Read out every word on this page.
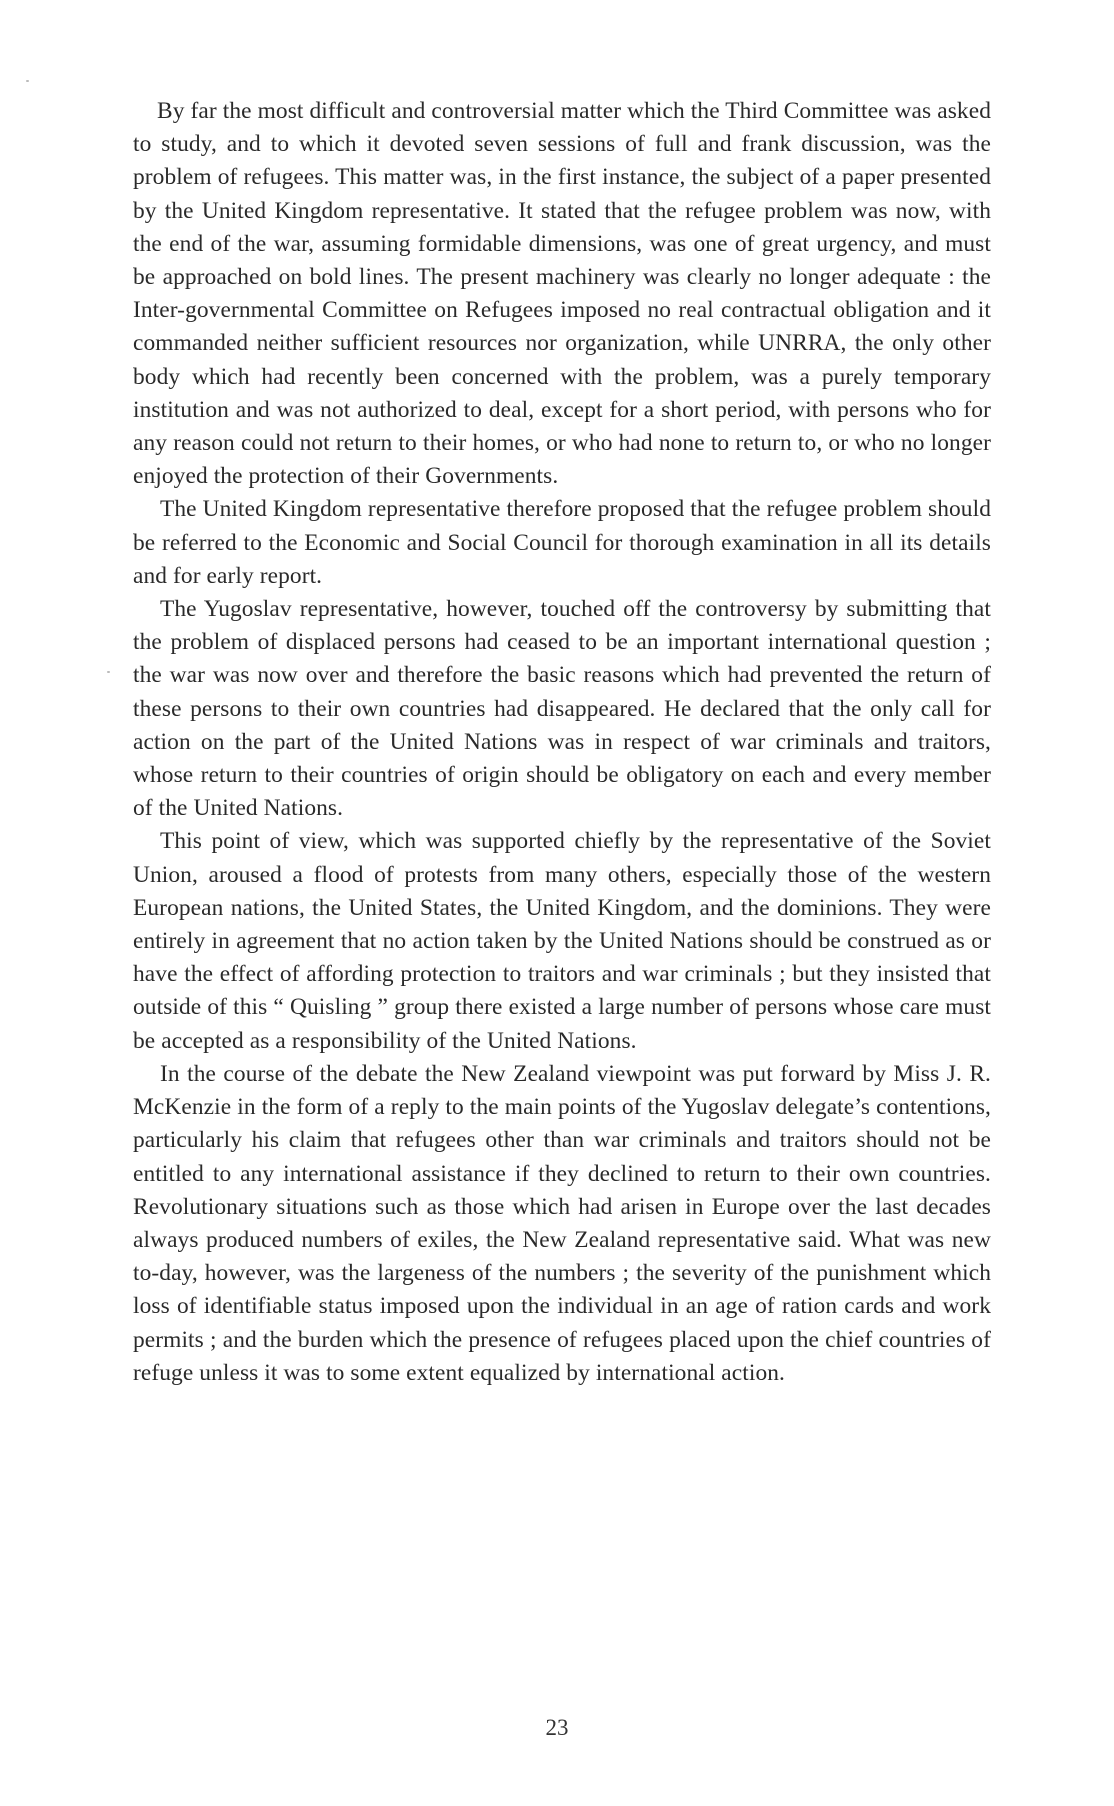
By far the most difficult and controversial matter which the Third Committee was asked to study, and to which it devoted seven sessions of full and frank discussion, was the problem of refugees. This matter was, in the first instance, the subject of a paper presented by the United Kingdom representative. It stated that the refugee problem was now, with the end of the war, assuming formidable dimensions, was one of great urgency, and must be approached on bold lines. The present machinery was clearly no longer adequate : the Inter-governmental Committee on Refugees imposed no real contractual obligation and it commanded neither sufficient resources nor organization, while UNRRA, the only other body which had recently been concerned with the problem, was a purely temporary institution and was not authorized to deal, except for a short period, with persons who for any reason could not return to their homes, or who had none to return to, or who no longer enjoyed the protection of their Governments.

The United Kingdom representative therefore proposed that the refugee problem should be referred to the Economic and Social Council for thorough examination in all its details and for early report.

The Yugoslav representative, however, touched off the controversy by submitting that the problem of displaced persons had ceased to be an important international question ; the war was now over and therefore the basic reasons which had prevented the return of these persons to their own countries had disappeared. He declared that the only call for action on the part of the United Nations was in respect of war criminals and traitors, whose return to their countries of origin should be obligatory on each and every member of the United Nations.

This point of view, which was supported chiefly by the representative of the Soviet Union, aroused a flood of protests from many others, especially those of the western European nations, the United States, the United Kingdom, and the dominions. They were entirely in agreement that no action taken by the United Nations should be construed as or have the effect of affording protection to traitors and war criminals ; but they insisted that outside of this “ Quisling ” group there existed a large number of persons whose care must be accepted as a responsibility of the United Nations.

In the course of the debate the New Zealand viewpoint was put forward by Miss J. R. McKenzie in the form of a reply to the main points of the Yugoslav delegate’s contentions, particularly his claim that refugees other than war criminals and traitors should not be entitled to any international assistance if they declined to return to their own countries. Revolutionary situations such as those which had arisen in Europe over the last decades always produced numbers of exiles, the New Zealand representative said. What was new to-day, however, was the largeness of the numbers ; the severity of the punishment which loss of identifiable status imposed upon the individual in an age of ration cards and work permits ; and the burden which the presence of refugees placed upon the chief countries of refuge unless it was to some extent equalized by international action.

23
